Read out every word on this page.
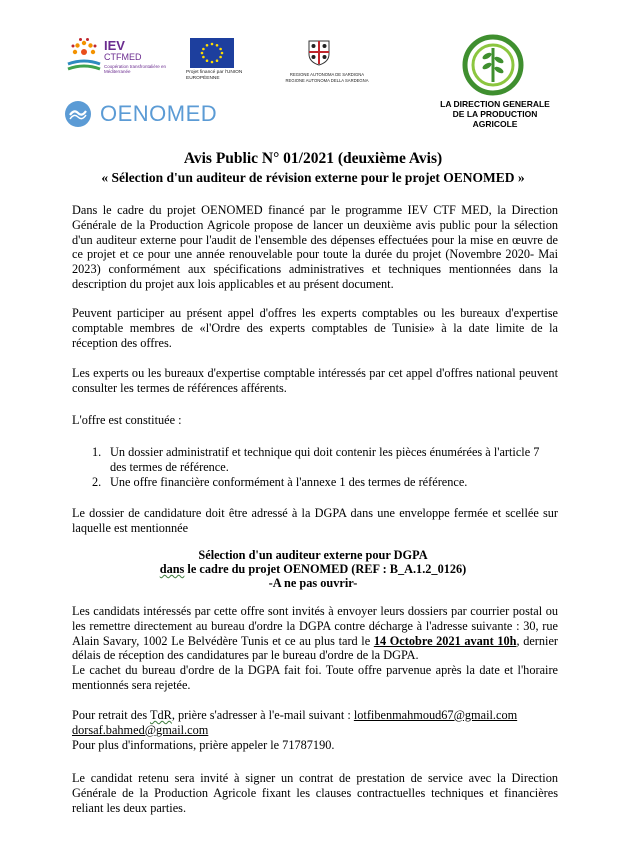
IEV
CTFMED
Coopération transfrontalière en Méditerranée	Projet financé par l'UNION EUROPÉENNE
REGIONE AUTONOMA DE SARDIGNA REGIONE AUTONOMA DELLA SARDEGNA
LA DIRECTION GENERALE
DE LA PRODUCTION AGRICOLE
OENOMED
Avis Public N° 01/2021 (deuxième Avis)
« Sélection d'un auditeur de révision externe pour le projet OENOMED »
Dans le cadre du projet OENOMED financé par le programme IEV CTF MED, la Direction Générale de la Production Agricole propose de lancer un deuxième avis public pour la sélection d'un auditeur externe pour l'audit de l'ensemble des dépenses effectuées pour la mise en œuvre de ce projet et ce pour une année renouvelable pour toute la durée du projet (Novembre 2020- Mai 2023) conformément aux spécifications administratives et techniques mentionnées dans la description du projet aux lois applicables et au présent document.
Peuvent participer au présent appel d'offres les experts comptables ou les bureaux d'expertise comptable membres de «l'Ordre des experts comptables de Tunisie» à la date limite de la réception des offres.
Les experts ou les bureaux d'expertise comptable intéressés par cet appel d'offres national peuvent consulter les termes de références afférents.
L'offre est constituée :
1. Un dossier administratif et technique qui doit contenir les pièces énumérées à l'article 7 des termes de référence.
2. Une offre financière conformément à l'annexe 1 des termes de référence.
Le dossier de candidature doit être adressé à la DGPA dans une enveloppe fermée et scellée sur laquelle est mentionnée
Sélection d'un auditeur externe pour DGPA
dans le cadre du projet OENOMED (REF : B_A.1.2_0126)
-A ne pas ouvrir-
Les candidats intéressés par cette offre sont invités à envoyer leurs dossiers par courrier postal ou les remettre directement au bureau d'ordre la DGPA contre décharge à l'adresse suivante : 30, rue Alain Savary, 1002 Le Belvédère Tunis et ce au plus tard le 14 Octobre 2021 avant 10h, dernier délais de réception des candidatures par le bureau d'ordre de la DGPA.
Le cachet du bureau d'ordre de la DGPA fait foi. Toute offre parvenue après la date et l'horaire mentionnés sera rejetée.
Pour retrait des TdR, prière s'adresser à l'e-mail suivant : lotfibenmahmoud67@gmail.com
dorsaf.bahmed@gmail.com
Pour plus d'informations, prière appeler le 71787190.
Le candidat retenu sera invité à signer un contrat de prestation de service avec la Direction Générale de la Production Agricole fixant les clauses contractuelles techniques et financières reliant les deux parties.
